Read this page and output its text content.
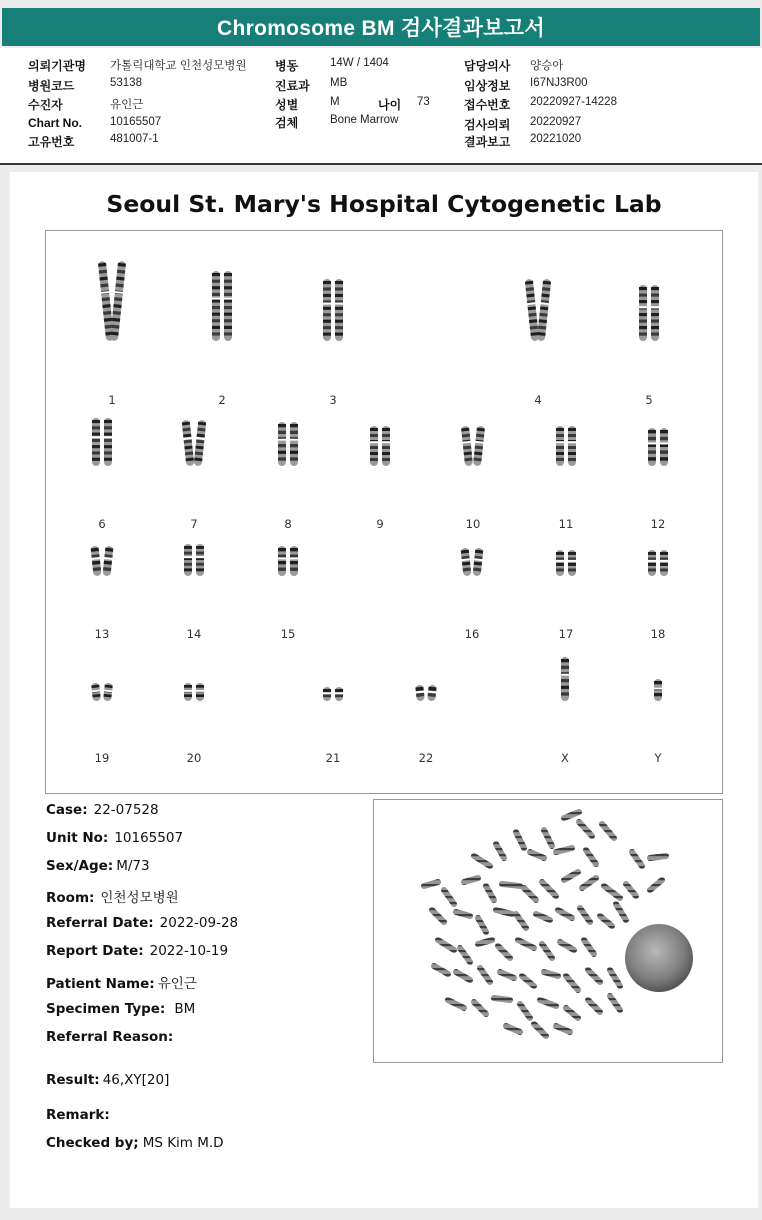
Chromosome BM 검사결과보고서
의뢰기관명 가톨릭대학교 인천성모병원
병원코드	53138
수진자	유인근
Chart No. 10165507
고유번호	481007-1
병동	14W / 1404
진료과 MB
성별	M	나이 73
검체	Bone Marrow
담당의사 양승아
임상정보 I67NJ3R00
접수번호 20220927-14228
검사의뢰 20220927
결과보고 20221020
Seoul St. Mary's Hospital Cytogenetic Lab
1	2	3	4	5
6	7	8	9	10	11	12
13	14	15	16	17	18
19	20	21	22	X	Y
Case: 22-07528
Unit No: 10165507
Sex/Age: M/73
Room: 인천성모병원
Referral Date: 2022-09-28
Report Date: 2022-10-19
Patient Name: 유인근
Specimen Type: BM
Referral Reason:
Result: 46,XY[20]
Remark:
Checked by; MS Kim M.D
